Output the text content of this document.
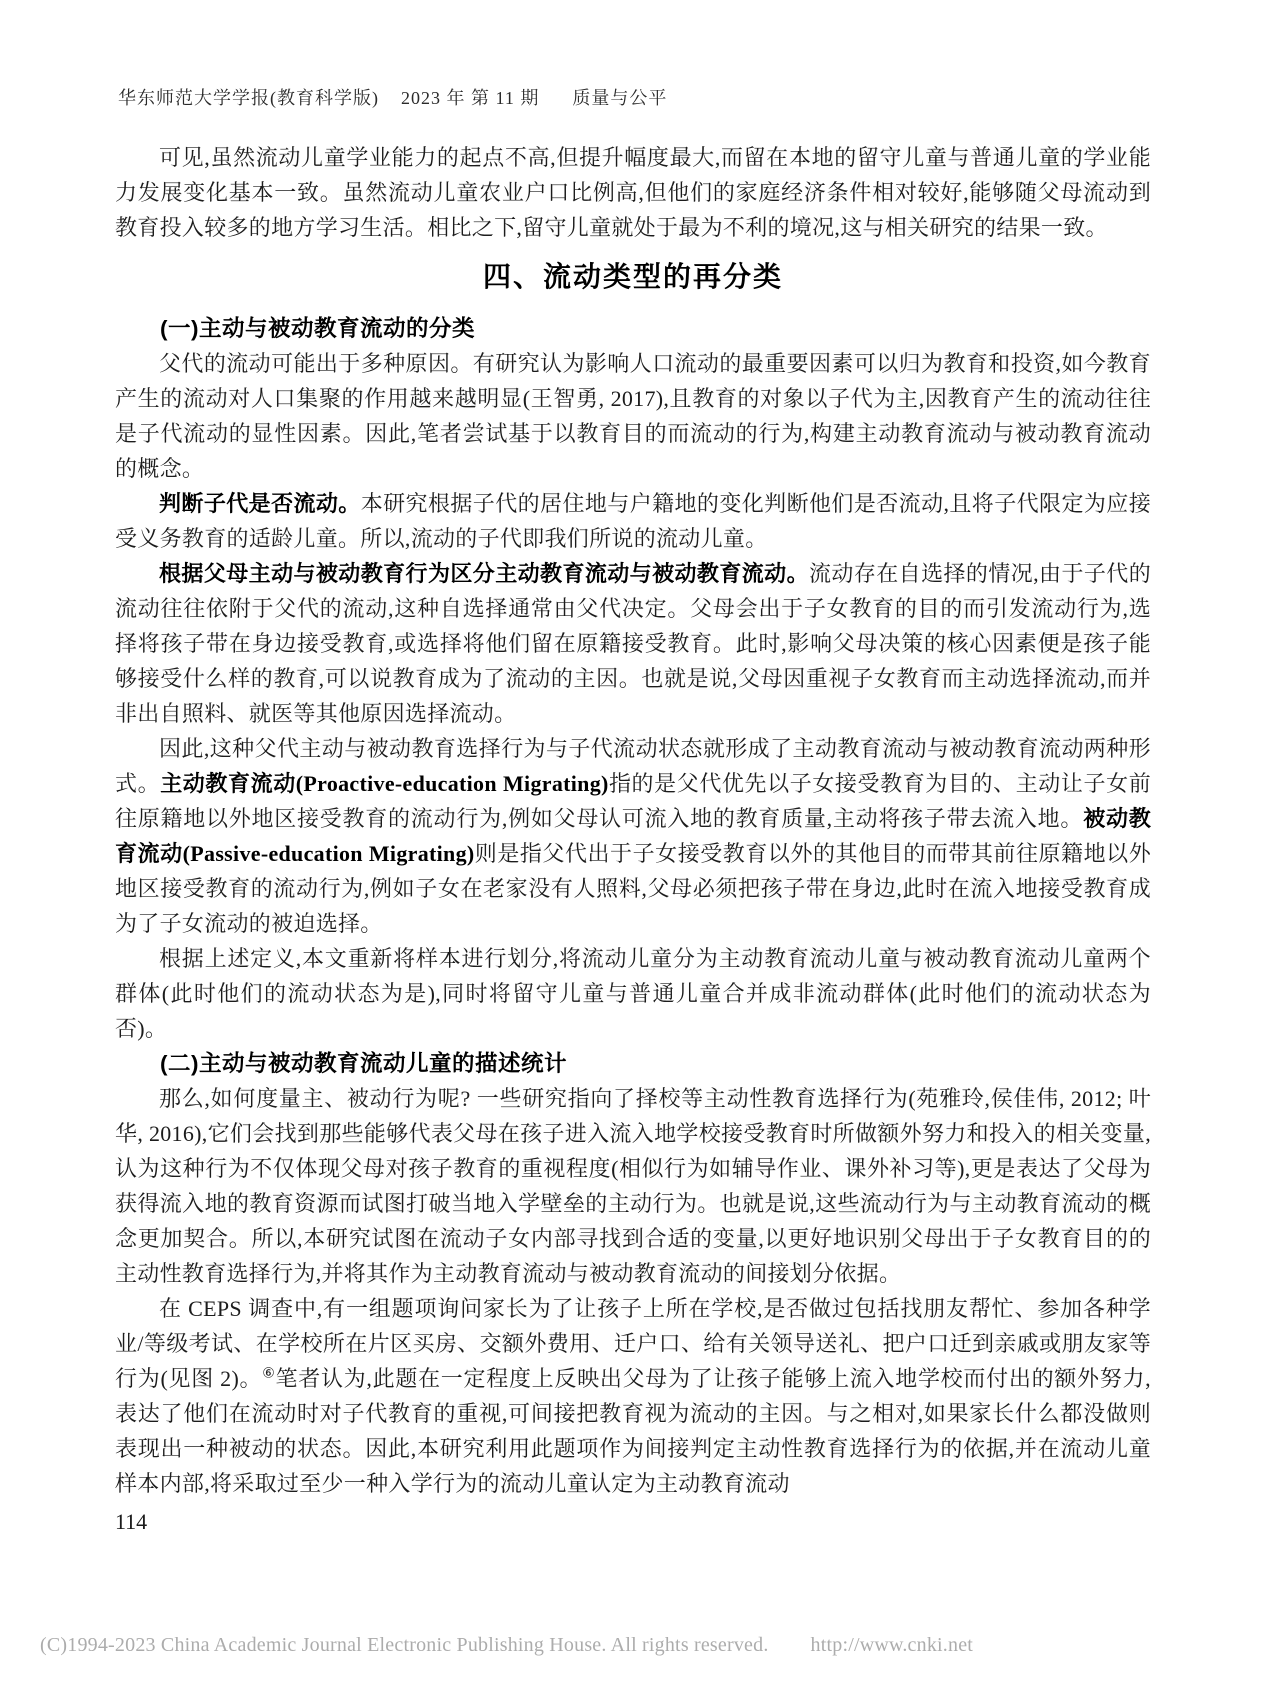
华东师范大学学报(教育科学版)    2023 年 第 11 期      质量与公平

可见,虽然流动儿童学业能力的起点不高,但提升幅度最大,而留在本地的留守儿童与普通儿童的学业能力发展变化基本一致。虽然流动儿童农业户口比例高,但他们的家庭经济条件相对较好,能够随父母流动到教育投入较多的地方学习生活。相比之下,留守儿童就处于最为不利的境况,这与相关研究的结果一致。

四、流动类型的再分类
(一)主动与被动教育流动的分类

父代的流动可能出于多种原因。有研究认为影响人口流动的最重要因素可以归为教育和投资,如今教育产生的流动对人口集聚的作用越来越明显(王智勇, 2017),且教育的对象以子代为主,因教育产生的流动往往是子代流动的显性因素。因此,笔者尝试基于以教育目的而流动的行为,构建主动教育流动与被动教育流动的概念。

判断子代是否流动。本研究根据子代的居住地与户籍地的变化判断他们是否流动,且将子代限定为应接受义务教育的适龄儿童。所以,流动的子代即我们所说的流动儿童。

根据父母主动与被动教育行为区分主动教育流动与被动教育流动。流动存在自选择的情况,由于子代的流动往往依附于父代的流动,这种自选择通常由父代决定。父母会出于子女教育的目的而引发流动行为,选择将孩子带在身边接受教育,或选择将他们留在原籍接受教育。此时,影响父母决策的核心因素便是孩子能够接受什么样的教育,可以说教育成为了流动的主因。也就是说,父母因重视子女教育而主动选择流动,而并非出自照料、就医等其他原因选择流动。

因此,这种父代主动与被动教育选择行为与子代流动状态就形成了主动教育流动与被动教育流动两种形式。主动教育流动(Proactive-education Migrating)指的是父代优先以子女接受教育为目的、主动让子女前往原籍地以外地区接受教育的流动行为,例如父母认可流入地的教育质量,主动将孩子带去流入地。被动教育流动(Passive-education Migrating)则是指父代出于子女接受教育以外的其他目的而带其前往原籍地以外地区接受教育的流动行为,例如子女在老家没有人照料,父母必须把孩子带在身边,此时在流入地接受教育成为了子女流动的被迫选择。

根据上述定义,本文重新将样本进行划分,将流动儿童分为主动教育流动儿童与被动教育流动儿童两个群体(此时他们的流动状态为是),同时将留守儿童与普通儿童合并成非流动群体(此时他们的流动状态为否)。

(二)主动与被动教育流动儿童的描述统计

那么,如何度量主、被动行为呢? 一些研究指向了择校等主动性教育选择行为(苑雅玲,侯佳伟, 2012; 叶华, 2016),它们会找到那些能够代表父母在孩子进入流入地学校接受教育时所做额外努力和投入的相关变量,认为这种行为不仅体现父母对孩子教育的重视程度(相似行为如辅导作业、课外补习等),更是表达了父母为获得流入地的教育资源而试图打破当地入学壁垒的主动行为。也就是说,这些流动行为与主动教育流动的概念更加契合。所以,本研究试图在流动子女内部寻找到合适的变量,以更好地识别父母出于子女教育目的的主动性教育选择行为,并将其作为主动教育流动与被动教育流动的间接划分依据。

在 CEPS 调查中,有一组题项询问家长为了让孩子上所在学校,是否做过包括找朋友帮忙、参加各种学业/等级考试、在学校所在片区买房、交额外费用、迁户口、给有关领导送礼、把户口迁到亲戚或朋友家等行为(见图 2)。⑥笔者认为,此题在一定程度上反映出父母为了让孩子能够上流入地学校而付出的额外努力,表达了他们在流动时对子代教育的重视,可间接把教育视为流动的主因。与之相对,如果家长什么都没做则表现出一种被动的状态。因此,本研究利用此题项作为间接判定主动性教育选择行为的依据,并在流动儿童样本内部,将采取过至少一种入学行为的流动儿童认定为主动教育流动

114
(C)1994-2023 China Academic Journal Electronic Publishing House. All rights reserved. http://www.cnki.net
